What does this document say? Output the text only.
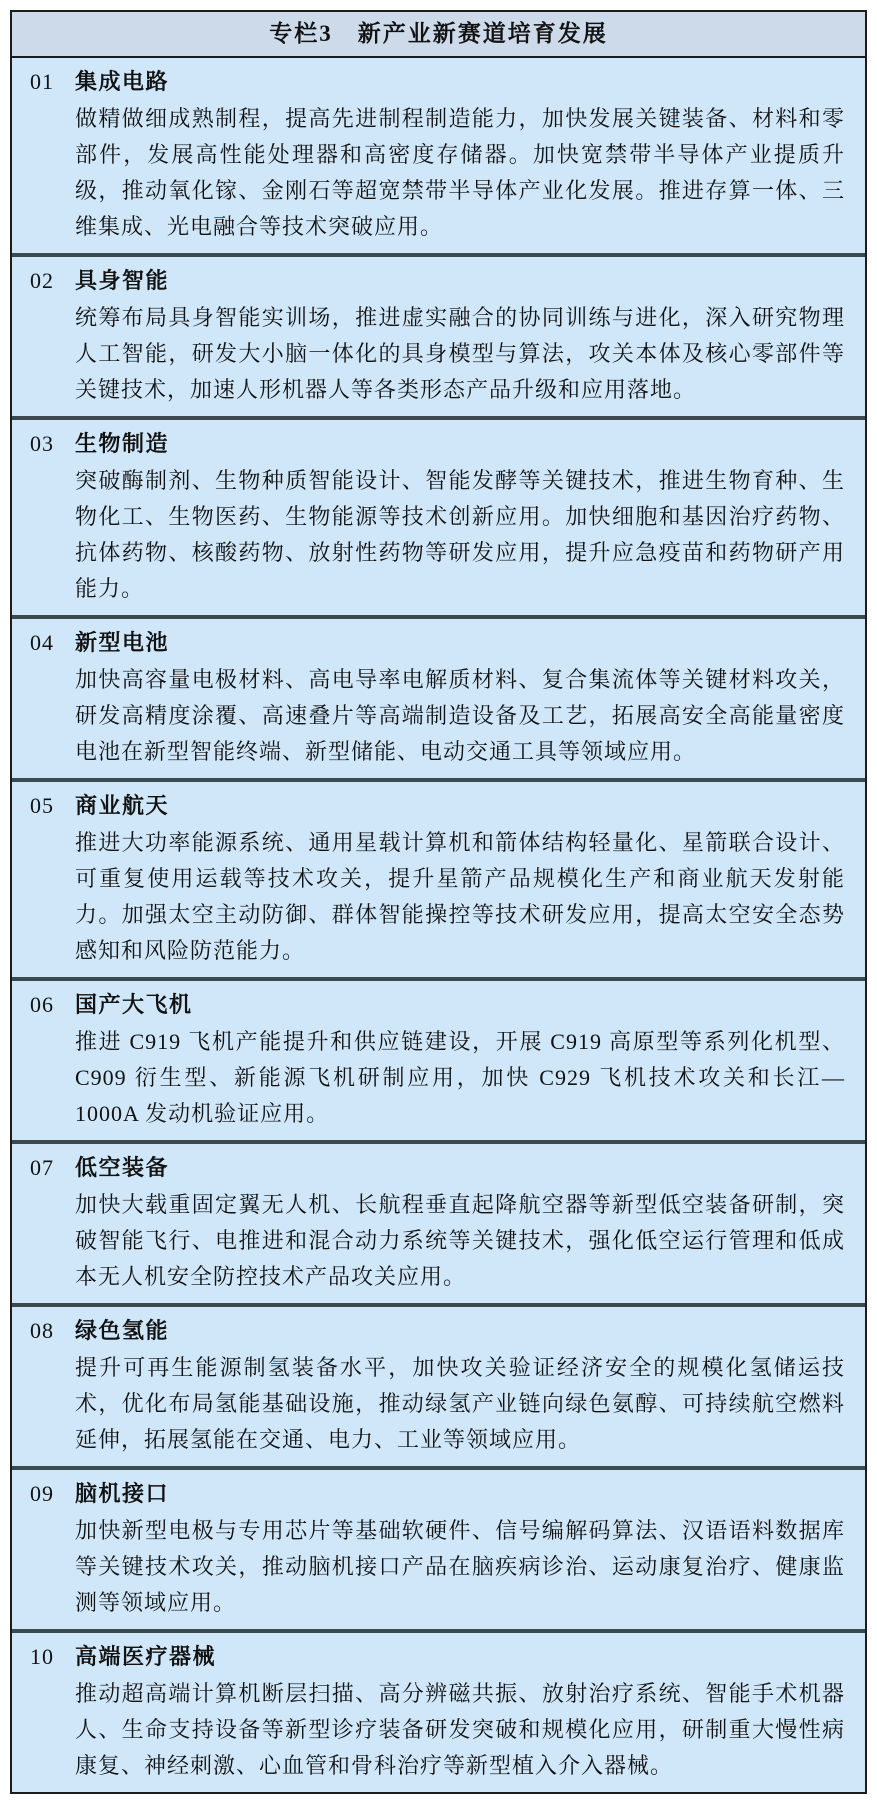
专栏3　新产业新赛道培育发展
01 集成电路

做精做细成熟制程，提高先进制程制造能力，加快发展关键装备、材料和零部件，发展高性能处理器和高密度存储器。加快宽禁带半导体产业提质升级，推动氧化镓、金刚石等超宽禁带半导体产业化发展。推进存算一体、三维集成、光电融合等技术突破应用。

02 具身智能

统筹布局具身智能实训场，推进虚实融合的协同训练与进化，深入研究物理人工智能，研发大小脑一体化的具身模型与算法，攻关本体及核心零部件等关键技术，加速人形机器人等各类形态产品升级和应用落地。

03 生物制造

突破酶制剂、生物种质智能设计、智能发酵等关键技术，推进生物育种、生物化工、生物医药、生物能源等技术创新应用。加快细胞和基因治疗药物、抗体药物、核酸药物、放射性药物等研发应用，提升应急疫苗和药物研产用能力。

04 新型电池

加快高容量电极材料、高电导率电解质材料、复合集流体等关键材料攻关，研发高精度涂覆、高速叠片等高端制造设备及工艺，拓展高安全高能量密度电池在新型智能终端、新型储能、电动交通工具等领域应用。

05 商业航天

推进大功率能源系统、通用星载计算机和箭体结构轻量化、星箭联合设计、可重复使用运载等技术攻关，提升星箭产品规模化生产和商业航天发射能力。加强太空主动防御、群体智能操控等技术研发应用，提高太空安全态势感知和风险防范能力。

06 国产大飞机

推进 C919 飞机产能提升和供应链建设，开展 C919 高原型等系列化机型、C909 衍生型、新能源飞机研制应用，加快 C929 飞机技术攻关和长江—1000A 发动机验证应用。

07 低空装备

加快大载重固定翼无人机、长航程垂直起降航空器等新型低空装备研制，突破智能飞行、电推进和混合动力系统等关键技术，强化低空运行管理和低成本无人机安全防控技术产品攻关应用。

08 绿色氢能

提升可再生能源制氢装备水平，加快攻关验证经济安全的规模化氢储运技术，优化布局氢能基础设施，推动绿氢产业链向绿色氨醇、可持续航空燃料延伸，拓展氢能在交通、电力、工业等领域应用。

09 脑机接口

加快新型电极与专用芯片等基础软硬件、信号编解码算法、汉语语料数据库等关键技术攻关，推动脑机接口产品在脑疾病诊治、运动康复治疗、健康监测等领域应用。

10 高端医疗器械

推动超高端计算机断层扫描、高分辨磁共振、放射治疗系统、智能手术机器人、生命支持设备等新型诊疗装备研发突破和规模化应用，研制重大慢性病康复、神经刺激、心血管和骨科治疗等新型植入介入器械。
